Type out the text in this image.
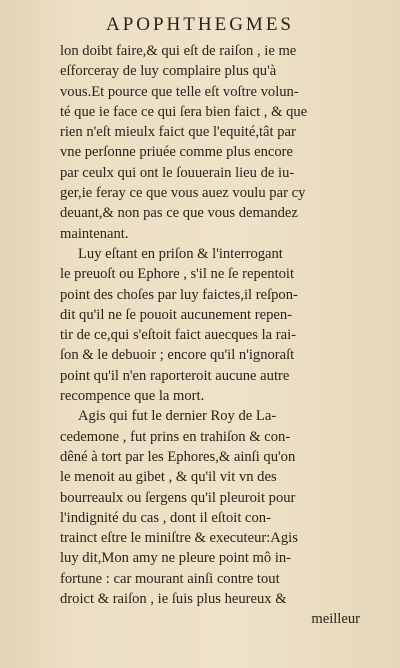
APOPHTHEGMES
lon doibt faire,& qui eſt de raiſon , ie me
eſforceray de luy complaire plus qu'à
vous.Et pource que telle eſt voſtre volun-
té que ie face ce qui ſera bien faict , & que
rien n'eſt mieulx faict que l'equité,tât par
vne perſonne priuée comme plus encore
par ceulx qui ont le ſouuerain lieu de iu-
ger,ie feray ce que vous auez voulu par cy
deuant,& non pas ce que vous demandez
maintenant.
Luy eſtant en priſon & l'interrogant
le preuoſt ou Ephore , s'il ne ſe repentoit
point des choſes par luy faictes,il reſpon-
dit qu'il ne ſe pouoit aucunement repen-
tir de ce,qui s'eſtoit faict auecques la rai-
ſon & le debuoir ; encore qu'il n'ignoraſt
point qu'il n'en raporteroit aucune autre
recompence que la mort.
Agis qui fut le dernier Roy de La-
cedemone , fut prins en trahiſon & con-
dêné à tort par les Ephores,& ainſi qu'on
le menoit au gibet , & qu'il vit vn des
bourreaulx ou ſergens qu'il pleuroit pour
l'indignité du cas , dont il eſtoit con-
trainct eſtre le miniſtre & executeur:Agis
luy dit,Mon amy ne pleure point mô in-
fortune : car mourant ainſi contre tout
droict & raiſon , ie ſuis plus heureux &
meilleur
